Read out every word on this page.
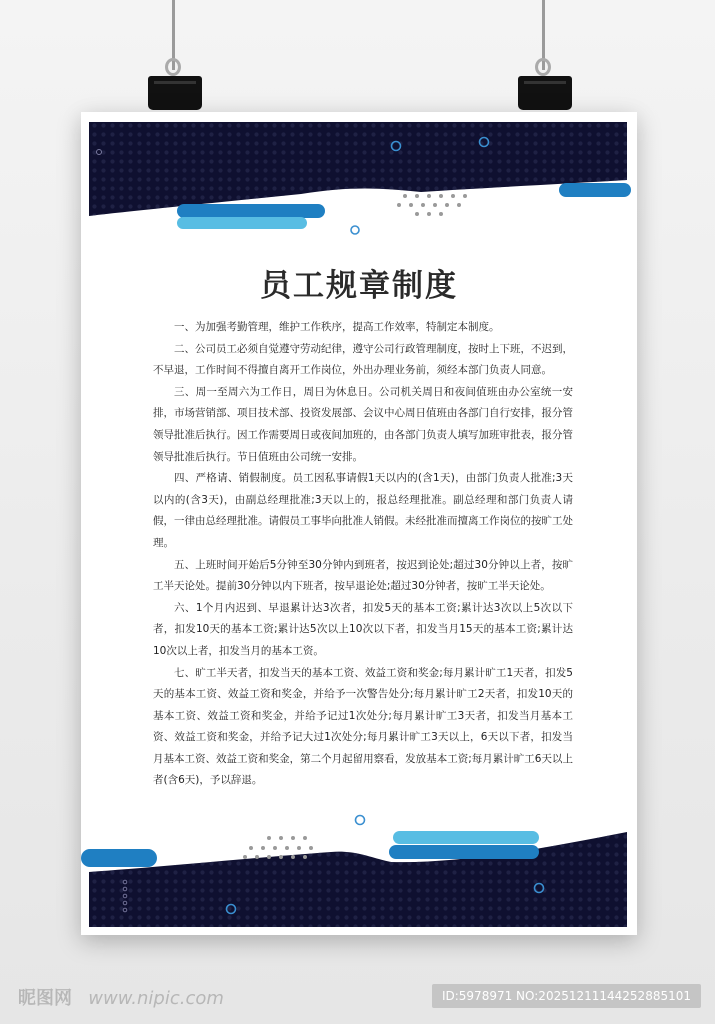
员工规章制度

一、为加强考勤管理，维护工作秩序，提高工作效率，特制定本制度。

二、公司员工必须自觉遵守劳动纪律，遵守公司行政管理制度，按时上下班，不迟到，不早退，工作时间不得擅自离开工作岗位，外出办理业务前，须经本部门负责人同意。

三、周一至周六为工作日，周日为休息日。公司机关周日和夜间值班由办公室统一安排，市场营销部、项目技术部、投资发展部、会议中心周日值班由各部门自行安排，报分管领导批准后执行。因工作需要周日或夜间加班的，由各部门负责人填写加班审批表，报分管领导批准后执行。节日值班由公司统一安排。

四、严格请、销假制度。员工因私事请假1天以内的(含1天)，由部门负责人批准;3天以内的(含3天)，由副总经理批准;3天以上的，报总经理批准。副总经理和部门负责人请假，一律由总经理批准。请假员工事毕向批准人销假。未经批准而擅离工作岗位的按旷工处理。

五、上班时间开始后5分钟至30分钟内到班者，按迟到论处;超过30分钟以上者，按旷工半天论处。提前30分钟以内下班者，按早退论处;超过30分钟者，按旷工半天论处。

六、1个月内迟到、早退累计达3次者，扣发5天的基本工资;累计达3次以上5次以下者，扣发10天的基本工资;累计达5次以上10次以下者，扣发当月15天的基本工资;累计达10次以上者，扣发当月的基本工资。

七、旷工半天者，扣发当天的基本工资、效益工资和奖金;每月累计旷工1天者，扣发5天的基本工资、效益工资和奖金，并给予一次警告处分;每月累计旷工2天者，扣发10天的基本工资、效益工资和奖金，并给予记过1次处分;每月累计旷工3天者，扣发当月基本工资、效益工资和奖金，并给予记大过1次处分;每月累计旷工3天以上，6天以下者，扣发当月基本工资、效益工资和奖金，第二个月起留用察看，发放基本工资;每月累计旷工6天以上者(含6天)，予以辞退。

昵图网 www.nipic.com	ID:5978971 NO:20251211144252885101
